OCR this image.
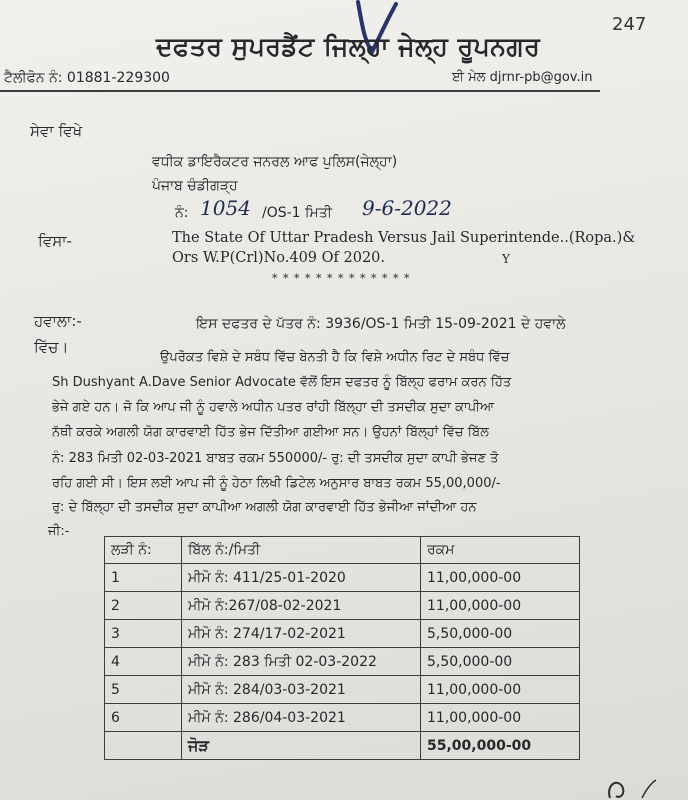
247
ਦਫਤਰ ਸੁਪਰਡੈਂਟ ਜਿਲ੍ਹਾ ਜੇਲ੍ਹ ਰੂਪਨਗਰ
ਟੈਲੀਫੋਨ ਨੰ: 01881-229300	ਈ ਮੇਲ djrnr-pb@gov.in
ਸੇਵਾ ਵਿਖੇ
ਵਧੀਕ ਡਾਇਰੈਕਟਰ ਜਨਰਲ ਆਫ ਪੁਲਿਸ(ਜੇਲ੍ਹਾ)
ਪੰਜਾਬ ਚੰਡੀਗੜ੍ਹ
ਨੰ: 1054 /OS-1 ਮਿਤੀ 9-6-2022
ਵਿਸਾ-	The State Of Uttar Pradesh Versus Jail Superintende..(Ropa.)&
Ors W.P(Crl)No.409 Of 2020.	Y
* * * * * * * * * * * * *
ਹਵਾਲਾ:-	ਇਸ ਦਫਤਰ ਦੇ ਪੱਤਰ ਨੰ: 3936/OS-1 ਮਿਤੀ 15-09-2021 ਦੇ ਹਵਾਲੇ
ਵਿੱਚ।
ਉਪਰੋਕਤ ਵਿਸ਼ੇ ਦੇ ਸਬੰਧ ਵਿੱਚ ਬੇਨਤੀ ਹੈ ਕਿ ਵਿਸ਼ੇ ਅਧੀਨ ਰਿਟ ਦੇ ਸਬੰਧ ਵਿੱਚ
Sh Dushyant A.Dave Senior Advocate ਵੱਲੋਂ ਇਸ ਦਫਤਰ ਨੂੰ ਬਿੱਲ੍ਹ ਫਰਾਮ ਕਰਨ ਹਿੱਤ
ਭੇਜੇ ਗਏ ਹਨ। ਜੋ ਕਿ ਆਪ ਜੀ ਨੂੰ ਹਵਾਲੇ ਅਧੀਨ ਪਤਰ ਰਾਂਹੀ ਬਿੱਲ੍ਹਾ ਦੀ ਤਸਦੀਕ ਸੁਦਾ ਕਾਪੀਆ
ਨੱਥੀ ਕਰਕੇ ਅਗਲੀ ਯੋਗ ਕਾਰਵਾਈ ਹਿੱਤ ਭੇਜ ਦਿੱਤੀਆ ਗਈਆ ਸਨ। ਉਹਨਾਂ ਬਿੱਲ੍ਹਾਂ ਵਿੱਚ ਬਿੱਲ
ਨੰ: 283 ਮਿਤੀ 02-03-2021 ਬਾਬਤ ਰਕਮ 550000/- ਰੁ: ਦੀ ਤਸਦੀਕ ਸੁਦਾ ਕਾਪੀ ਭੇਜਣ ਤੋ
ਰਹਿ ਗਈ ਸੀ। ਇਸ ਲਈ ਆਪ ਜੀ ਨੂੰ ਹੇਠਾ ਲਿਖੀ ਡਿਟੇਲ ਅਨੁਸਾਰ ਬਾਬਤ ਰਕਮ 55,00,000/-
ਰੁ: ਦੇ ਬਿੱਲ੍ਹਾ ਦੀ ਤਸਦੀਕ ਸੁਦਾ ਕਾਪੀਆ ਅਗਲੀ ਯੋਗ ਕਾਰਵਾਈ ਹਿੱਤ ਭੇਜੀਆ ਜਾਂਦੀਆ ਹਨ
ਜੀ:-
ਲੜੀ ਨੰ:	ਬਿੱਲ ਨੰ:/ਮਿਤੀ	ਰਕਮ
1	ਮੀਮੋ ਨੰ: 411/25-01-2020	11,00,000-00
2	ਮੀਮੋ ਨੰ:267/08-02-2021	11,00,000-00
3	ਮੀਮੋ ਨੰ: 274/17-02-2021	5,50,000-00
4	ਮੀਮੋ ਨੰ: 283 ਮਿਤੀ 02-03-2022	5,50,000-00
5	ਮੀਮੋ ਨੰ: 284/03-03-2021	11,00,000-00
6	ਮੀਮੋ ਨੰ: 286/04-03-2021	11,00,000-00
	ਜੋੜ	55,00,000-00
